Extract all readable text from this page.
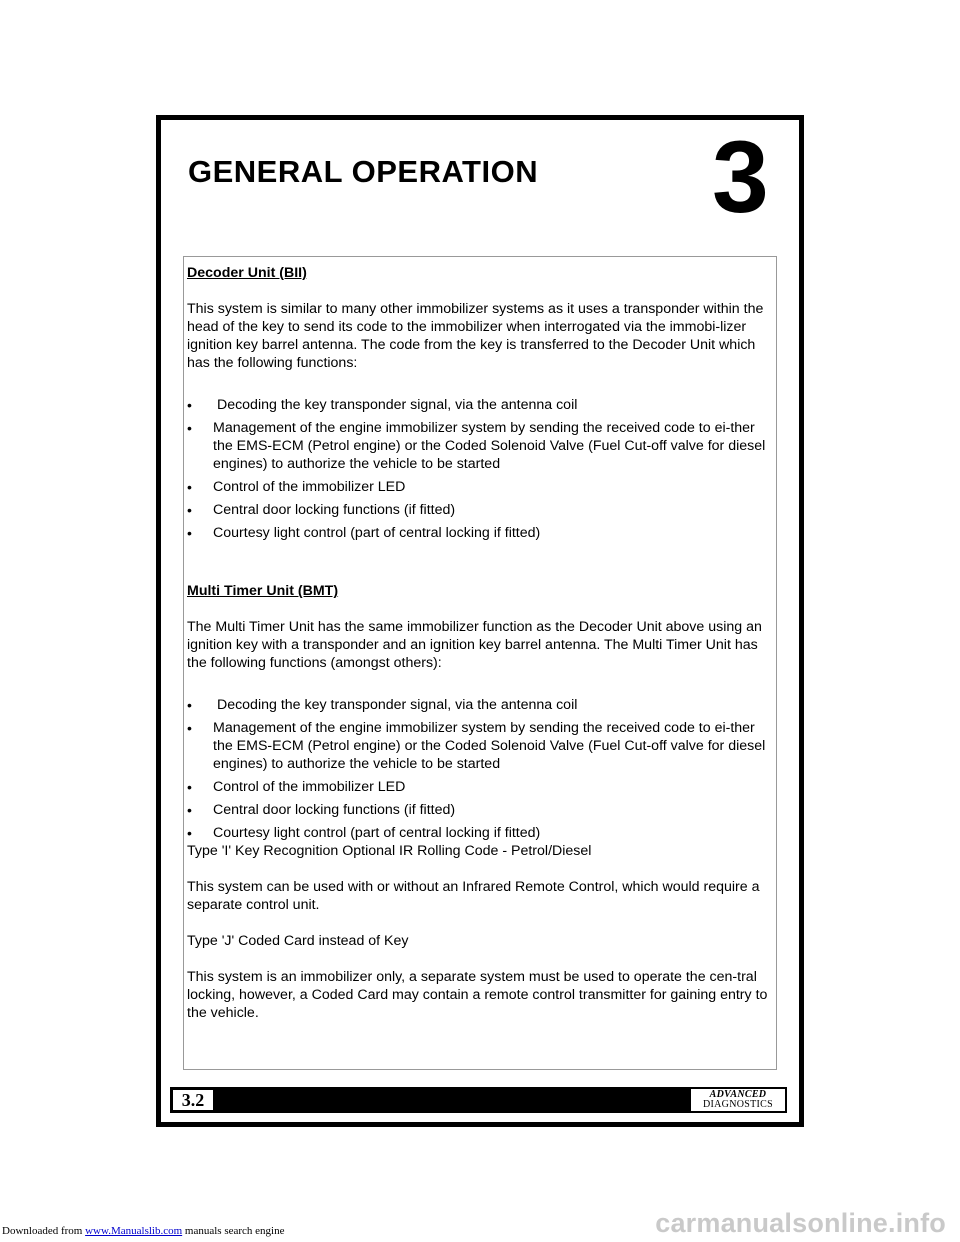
Downloaded from www.Manualslib.com manuals search engine	carmanualsonline.info
GENERAL OPERATION 3

Decoder Unit (BII)

This system is similar to many other immobilizer systems as it uses a transponder within the head of the key to send its code to the immobilizer when interrogated via the immobi-lizer ignition key barrel antenna. The code from the key is transferred to the Decoder Unit which has the following functions:

• Decoding the key transponder signal, via the antenna coil
• Management of the engine immobilizer system by sending the received code to ei-ther the EMS-ECM (Petrol engine) or the Coded Solenoid Valve (Fuel Cut-off valve for diesel engines) to authorize the vehicle to be started
• Control of the immobilizer LED
• Central door locking functions (if fitted)
• Courtesy light control (part of central locking if fitted)

Multi Timer Unit (BMT)

The Multi Timer Unit has the same immobilizer function as the Decoder Unit above using an ignition key with a transponder and an ignition key barrel antenna. The Multi Timer Unit has the following functions (amongst others):

• Decoding the key transponder signal, via the antenna coil
• Management of the engine immobilizer system by sending the received code to ei-ther the EMS-ECM (Petrol engine) or the Coded Solenoid Valve (Fuel Cut-off valve for diesel engines) to authorize the vehicle to be started
• Control of the immobilizer LED
• Central door locking functions (if fitted)
• Courtesy light control (part of central locking if fitted)

Type 'I' Key Recognition Optional IR Rolling Code - Petrol/Diesel

This system can be used with or without an Infrared Remote Control, which would require a separate control unit.

Type 'J' Coded Card instead of Key

This system is an immobilizer only, a separate system must be used to operate the cen-tral locking, however, a Coded Card may contain a remote control transmitter for gaining entry to the vehicle.

3.2	ADVANCED
DIAGNOSTICS
